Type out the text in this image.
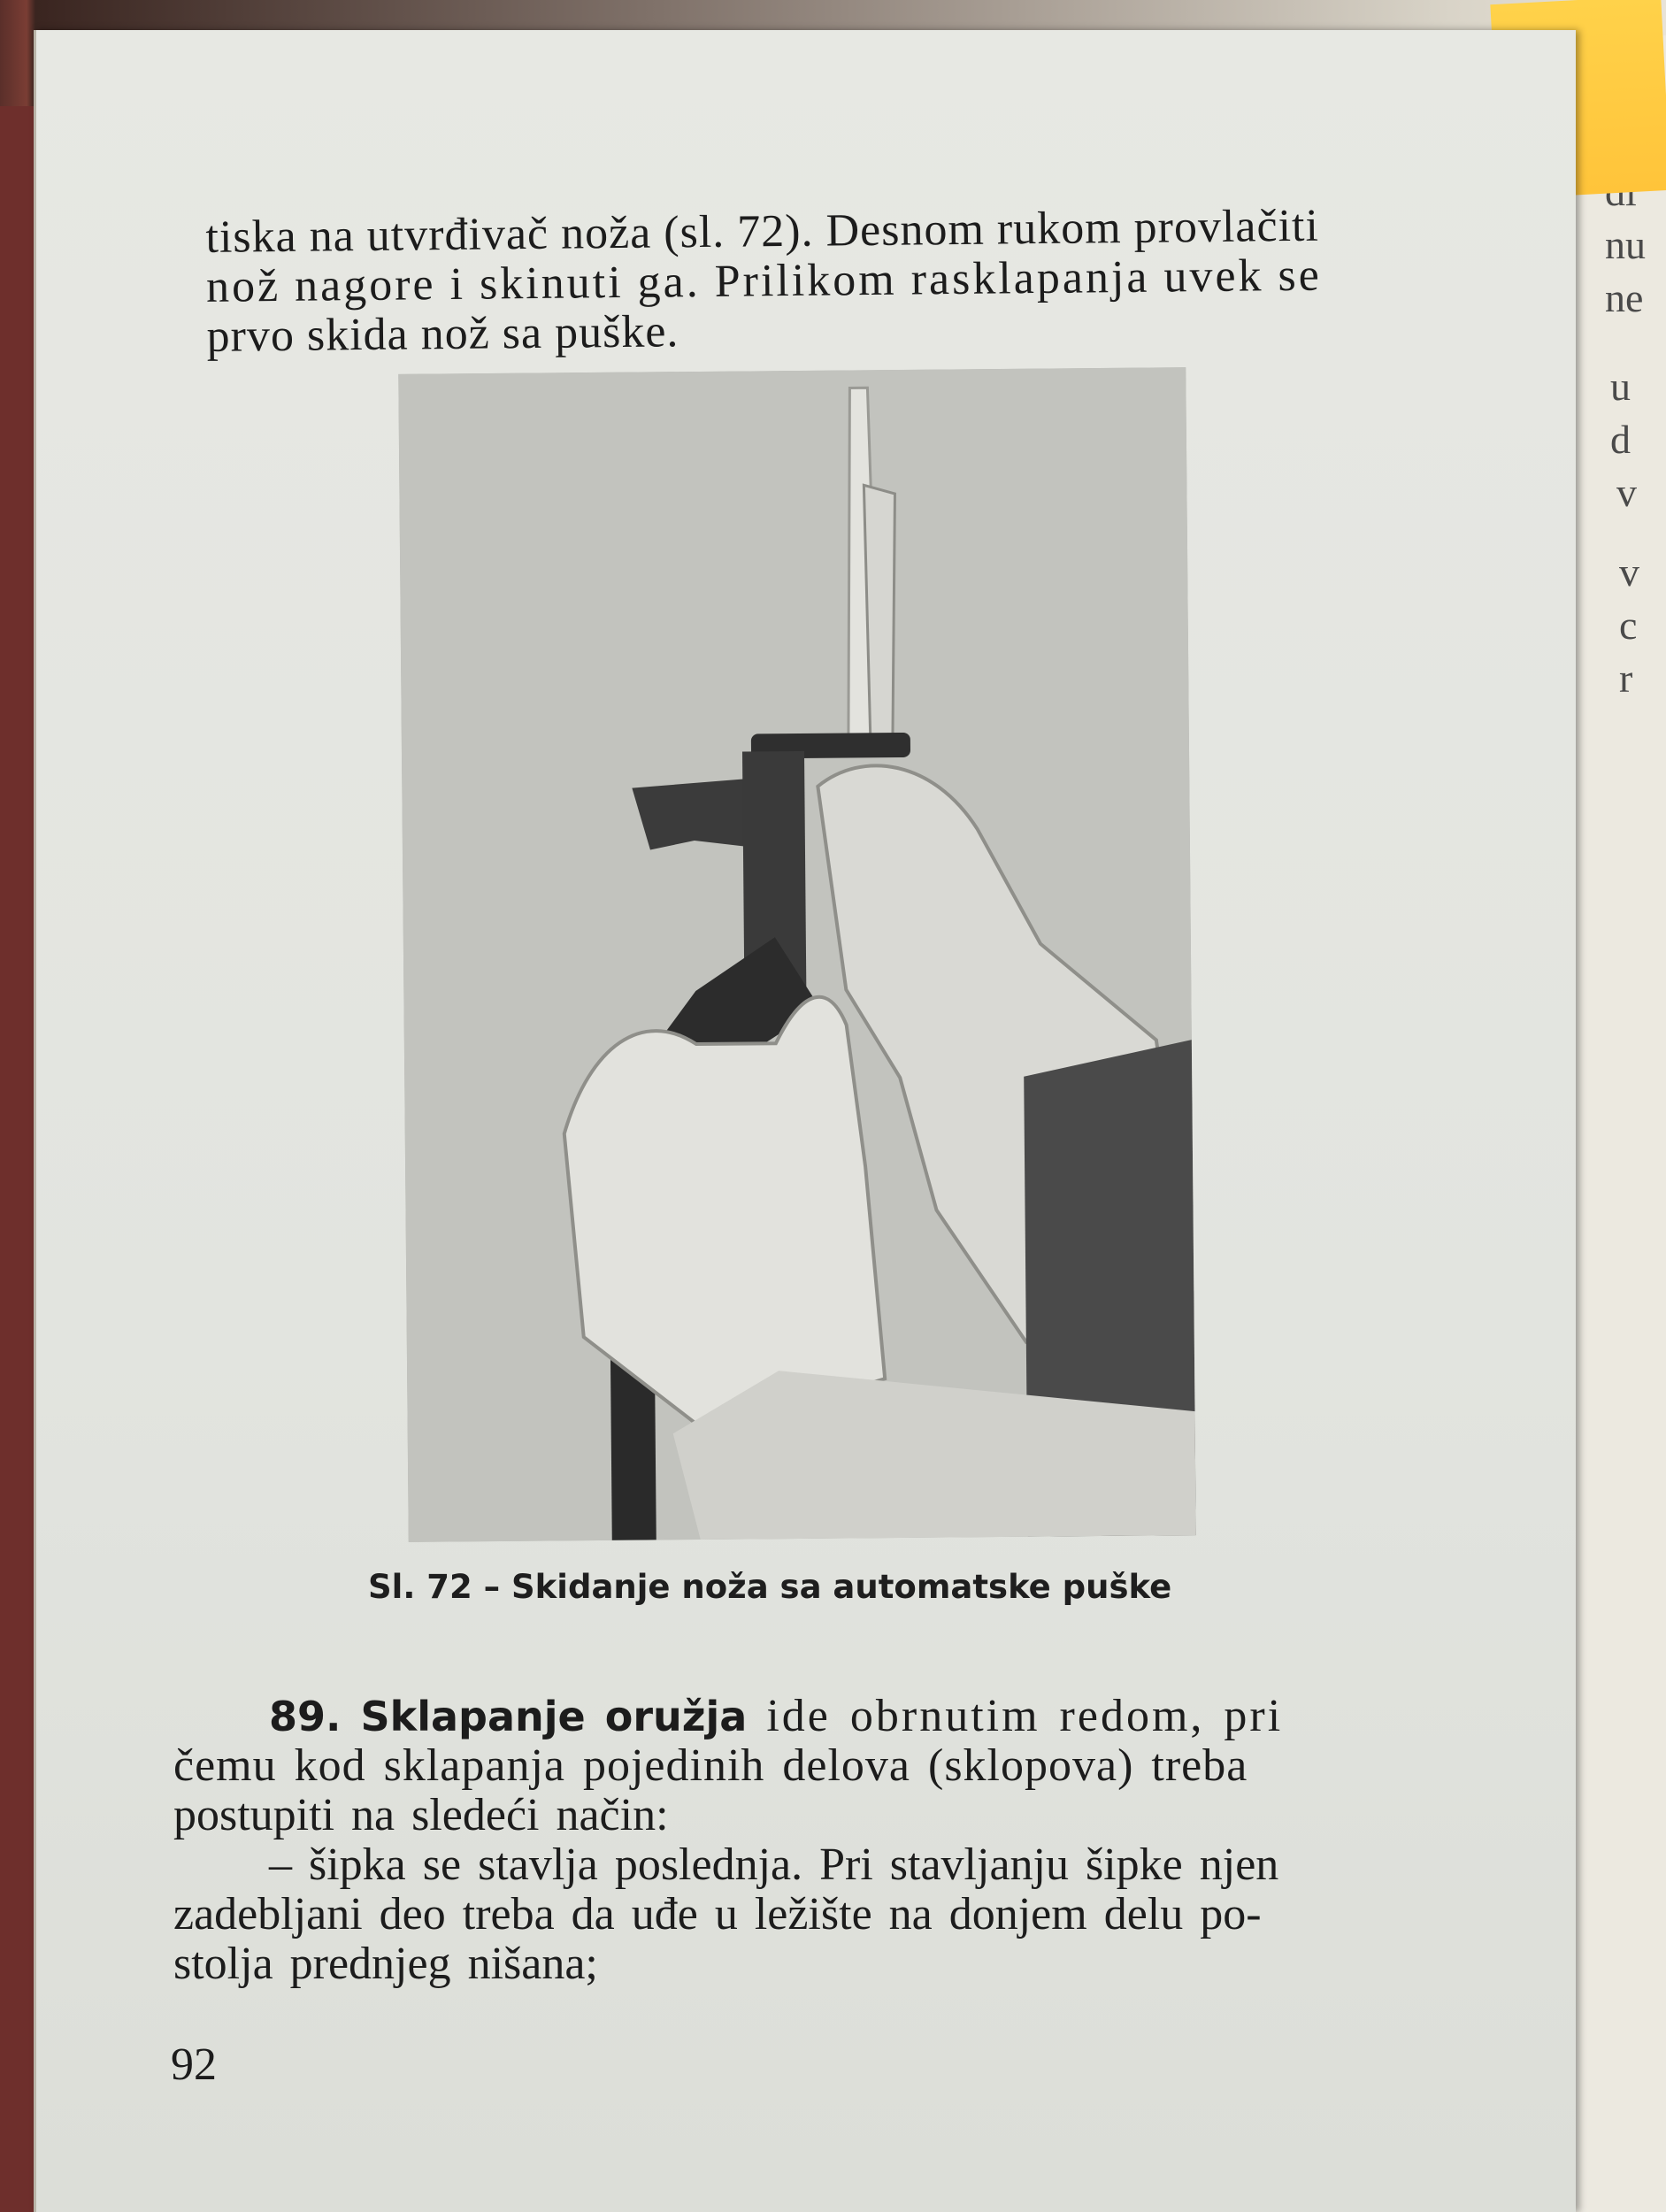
nu
ne
u
d
v
v
c
r
tiska na utvrđivač noža (sl. 72). Desnom rukom provlačiti
nož nagore i skinuti ga. Prilikom rasklapanja uvek se
prvo skida nož sa puške.
Sl. 72 – Skidanje noža sa automatske puške
89. Sklapanje oružja ide obrnutim redom, pri
čemu kod sklapanja pojedinih delova (sklopova) treba
postupiti na sledeći način:
– šipka se stavlja poslednja. Pri stavljanju šipke njen
zadebljani deo treba da uđe u ležište na donjem delu po-
stolja prednjeg nišana;
92
